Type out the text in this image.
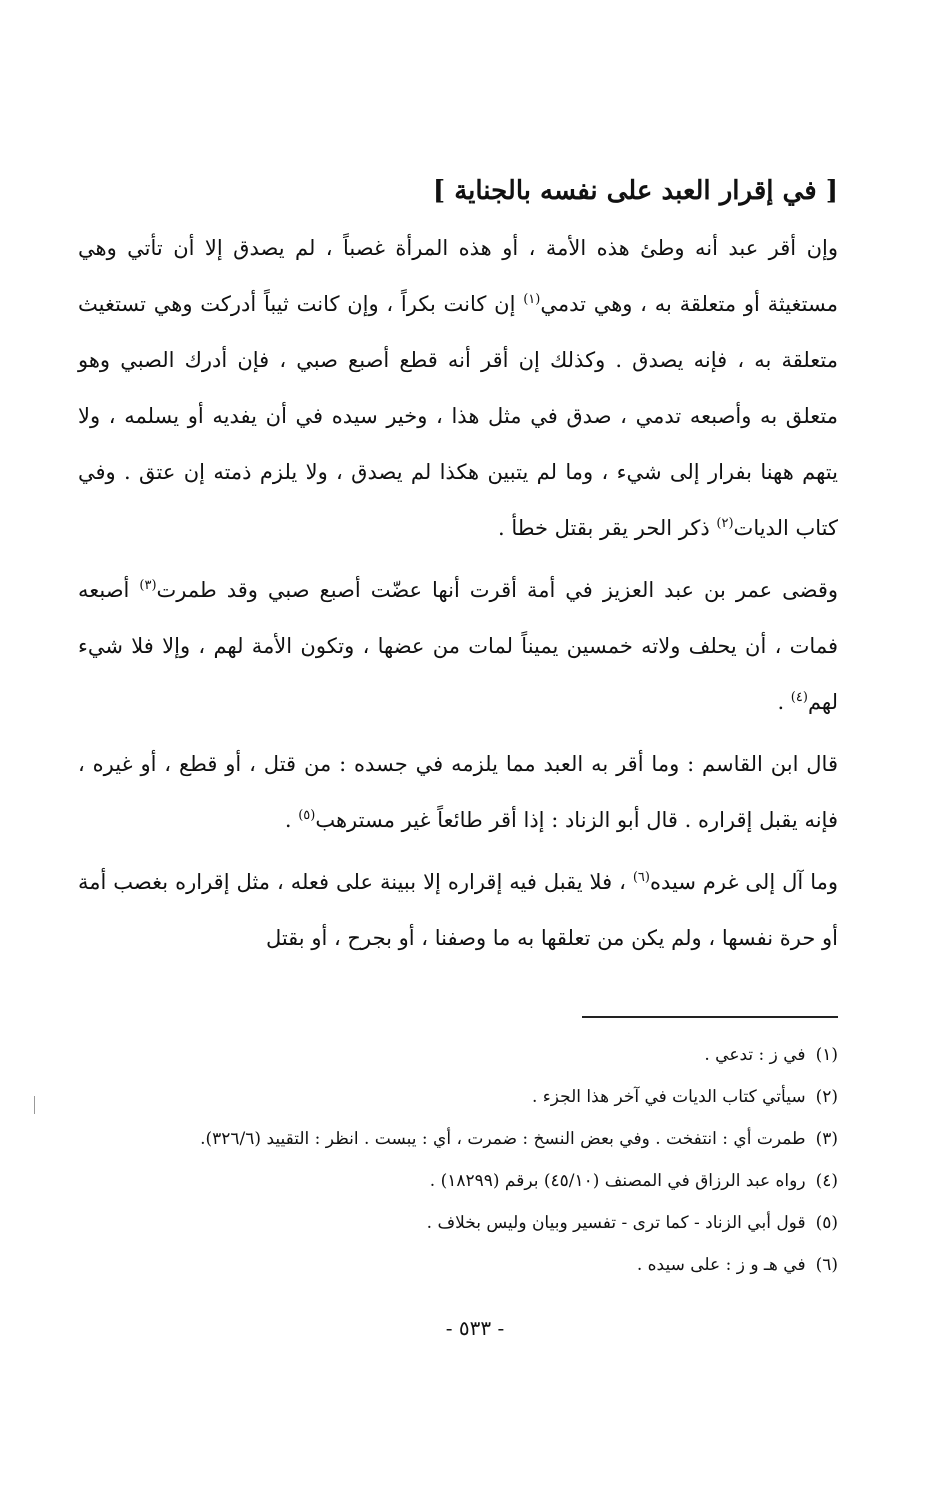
[ في إقرار العبد على نفسه بالجناية ]

وإن أقر عبد أنه وطئ هذه الأمة ، أو هذه المرأة غصباً ، لم يصدق إلا أن تأتي وهي مستغيثة أو متعلقة به ، وهي تدمي$^{(١)}$ إن كانت بكراً ، وإن كانت ثيباً أدركت وهي تستغيث متعلقة به ، فإنه يصدق . وكذلك إن أقر أنه قطع أصبع صبي ، فإن أدرك الصبي وهو متعلق به وأصبعه تدمي ، صدق في مثل هذا ، وخير سيده في أن يفديه أو يسلمه ، ولا يتهم ههنا بفرار إلى شيء ، وما لم يتبين هكذا لم يصدق ، ولا يلزم ذمته إن عتق . وفي كتاب الديات$^{(٢)}$ ذكر الحر يقر بقتل خطأ .

وقضى عمر بن عبد العزيز في أمة أقرت أنها عضّت أصبع صبي وقد طمرت$^{(٣)}$ أصبعه فمات ، أن يحلف ولاته خمسين يميناً لمات من عضها ، وتكون الأمة لهم ، وإلا فلا شيء لهم$^{(٤)}$ .

قال ابن القاسم : وما أقر به العبد مما يلزمه في جسده : من قتل ، أو قطع ، أو غيره ، فإنه يقبل إقراره . قال أبو الزناد : إذا أقر طائعاً غير مسترهب$^{(٥)}$ .

وما آل إلى غرم سيده$^{(٦)}$ ، فلا يقبل فيه إقراره إلا ببينة على فعله ، مثل إقراره بغصب أمة أو حرة نفسها ، ولم يكن من تعلقها به ما وصفنا ، أو بجرح ، أو بقتل

(١)في ز : تدعي .
(٢)سيأتي كتاب الديات في آخر هذا الجزء .
(٣)طمرت أي : انتفخت . وفي بعض النسخ : ضمرت ، أي : يبست . انظر : التقييد (٣٢٦/٦).
(٤)رواه عبد الرزاق في المصنف (٤٥/١٠) برقم (١٨٢٩٩) .
(٥)قول أبي الزناد - كما ترى - تفسير وبيان وليس بخلاف .
(٦)في هـ و ز : على سيده .
- ٥٣٣ -
